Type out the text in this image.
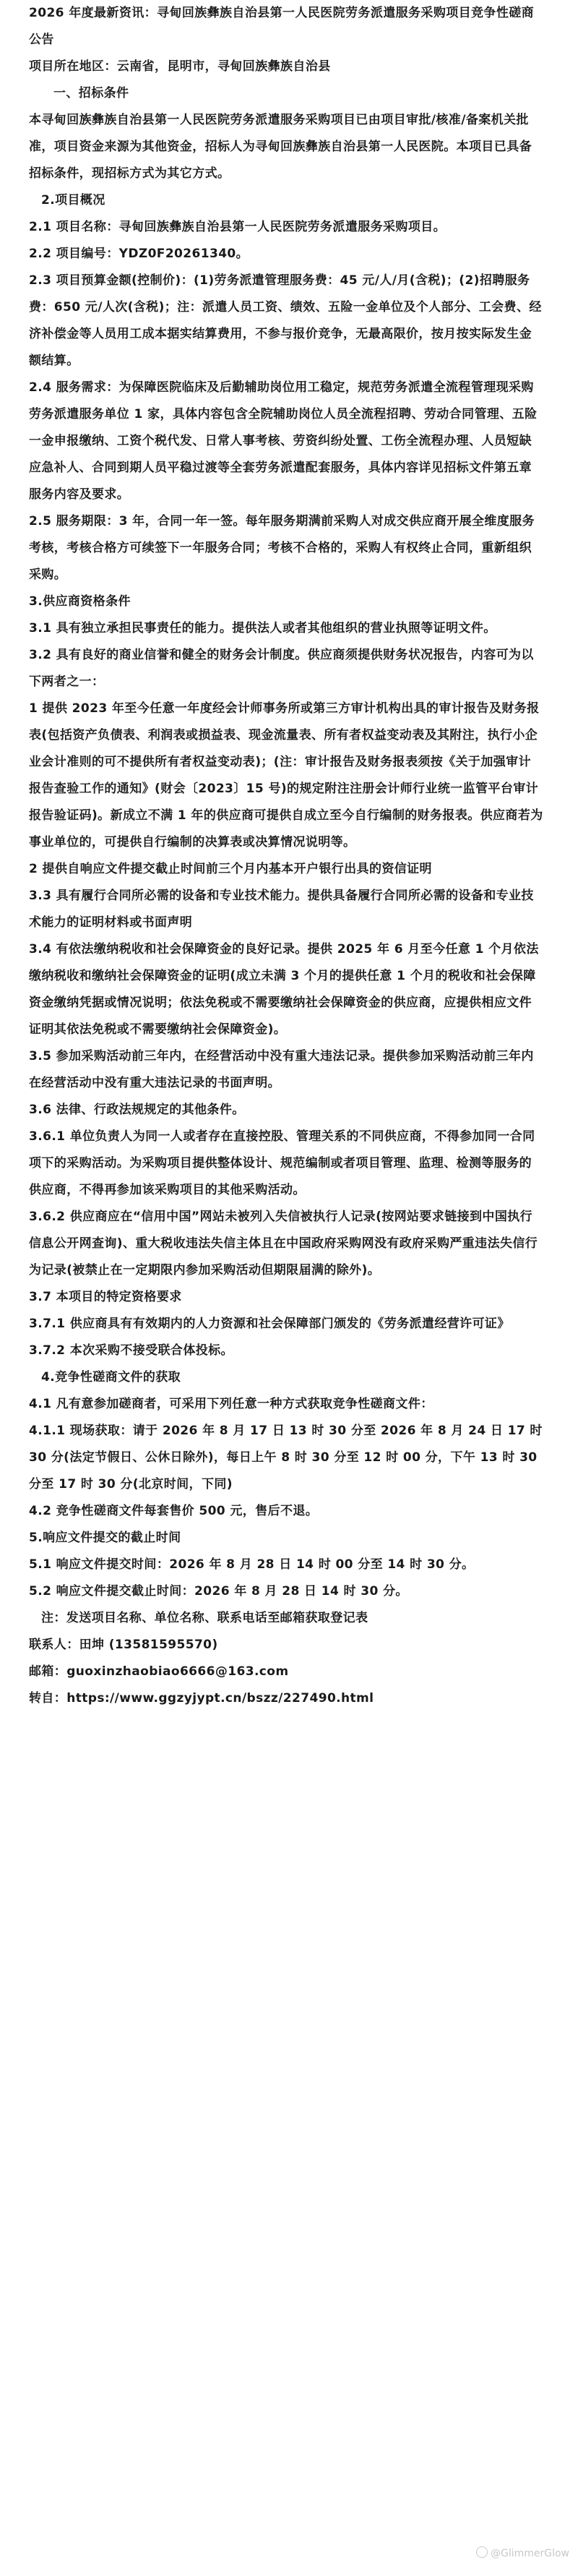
2026 年度最新资讯：寻甸回族彝族自治县第一人民医院劳务派遣服务采购项目竞争性磋商公告

项目所在地区：云南省，昆明市，寻甸回族彝族自治县

一、招标条件

本寻甸回族彝族自治县第一人民医院劳务派遣服务采购项目已由项目审批/核准/备案机关批准，项目资金来源为其他资金，招标人为寻甸回族彝族自治县第一人民医院。本项目已具备招标条件，现招标方式为其它方式。

2.项目概况

2.1 项目名称：寻甸回族彝族自治县第一人民医院劳务派遣服务采购项目。

2.2 项目编号：YDZ0F20261340。

2.3 项目预算金额(控制价)：(1)劳务派遣管理服务费：45 元/人/月(含税)；(2)招聘服务费：650 元/人次(含税)；注：派遣人员工资、绩效、五险一金单位及个人部分、工会费、经济补偿金等人员用工成本据实结算费用，不参与报价竞争，无最高限价，按月按实际发生金额结算。

2.4 服务需求：为保障医院临床及后勤辅助岗位用工稳定，规范劳务派遣全流程管理现采购劳务派遣服务单位 1 家，具体内容包含全院辅助岗位人员全流程招聘、劳动合同管理、五险一金申报缴纳、工资个税代发、日常人事考核、劳资纠纷处置、工伤全流程办理、人员短缺应急补人、合同到期人员平稳过渡等全套劳务派遣配套服务，具体内容详见招标文件第五章服务内容及要求。

2.5 服务期限：3 年，合同一年一签。每年服务期满前采购人对成交供应商开展全维度服务考核，考核合格方可续签下一年服务合同；考核不合格的，采购人有权终止合同，重新组织采购。

3.供应商资格条件

3.1 具有独立承担民事责任的能力。提供法人或者其他组织的营业执照等证明文件。

3.2 具有良好的商业信誉和健全的财务会计制度。供应商须提供财务状况报告，内容可为以下两者之一：

1 提供 2023 年至今任意一年度经会计师事务所或第三方审计机构出具的审计报告及财务报表(包括资产负债表、利润表或损益表、现金流量表、所有者权益变动表及其附注，执行小企业会计准则的可不提供所有者权益变动表)；(注：审计报告及财务报表须按《关于加强审计报告查验工作的通知》(财会〔2023〕15 号)的规定附注注册会计师行业统一监管平台审计报告验证码)。新成立不满 1 年的供应商可提供自成立至今自行编制的财务报表。供应商若为事业单位的，可提供自行编制的决算表或决算情况说明等。

2 提供自响应文件提交截止时间前三个月内基本开户银行出具的资信证明

3.3 具有履行合同所必需的设备和专业技术能力。提供具备履行合同所必需的设备和专业技术能力的证明材料或书面声明

3.4 有依法缴纳税收和社会保障资金的良好记录。提供 2025 年 6 月至今任意 1 个月依法缴纳税收和缴纳社会保障资金的证明(成立未满 3 个月的提供任意 1 个月的税收和社会保障资金缴纳凭据或情况说明；依法免税或不需要缴纳社会保障资金的供应商，应提供相应文件证明其依法免税或不需要缴纳社会保障资金)。

3.5 参加采购活动前三年内，在经营活动中没有重大违法记录。提供参加采购活动前三年内在经营活动中没有重大违法记录的书面声明。

3.6 法律、行政法规规定的其他条件。

3.6.1 单位负责人为同一人或者存在直接控股、管理关系的不同供应商，不得参加同一合同项下的采购活动。为采购项目提供整体设计、规范编制或者项目管理、监理、检测等服务的供应商，不得再参加该采购项目的其他采购活动。

3.6.2 供应商应在“信用中国”网站未被列入失信被执行人记录(按网站要求链接到中国执行信息公开网查询)、重大税收违法失信主体且在中国政府采购网没有政府采购严重违法失信行为记录(被禁止在一定期限内参加采购活动但期限届满的除外)。

3.7 本项目的特定资格要求

3.7.1 供应商具有有效期内的人力资源和社会保障部门颁发的《劳务派遣经营许可证》

3.7.2 本次采购不接受联合体投标。

4.竞争性磋商文件的获取

4.1 凡有意参加磋商者，可采用下列任意一种方式获取竞争性磋商文件：

4.1.1 现场获取：请于 2026 年 8 月 17 日 13 时 30 分至 2026 年 8 月 24 日 17 时 30 分(法定节假日、公休日除外)，每日上午 8 时 30 分至 12 时 00 分，下午 13 时 30 分至 17 时 30 分(北京时间，下同)

4.2 竞争性磋商文件每套售价 500 元，售后不退。

5.响应文件提交的截止时间

5.1 响应文件提交时间：2026 年 8 月 28 日 14 时 00 分至 14 时 30 分。

5.2 响应文件提交截止时间：2026 年 8 月 28 日 14 时 30 分。

注：发送项目名称、单位名称、联系电话至邮箱获取登记表

联系人：田坤 (13581595570)

邮箱：guoxinzhaobiao6666@163.com

转自：https://www.ggzyjypt.cn/bszz/227490.html

@GlimmerGlow
